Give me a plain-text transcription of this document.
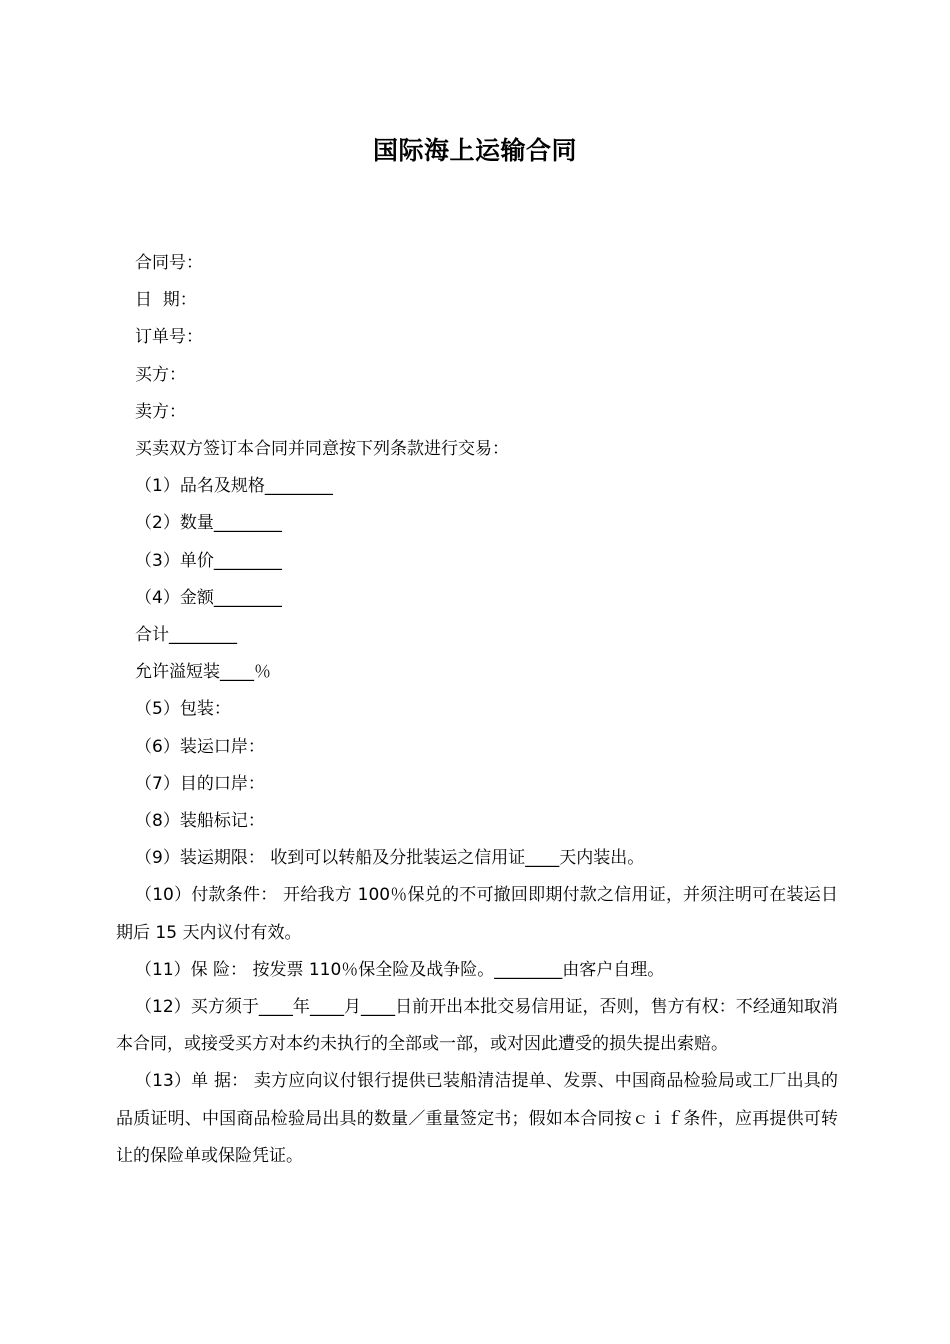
国际海上运输合同

合同号：

日  期：

订单号：

买方：

卖方：

买卖双方签订本合同并同意按下列条款进行交易：

（1）品名及规格________

（2）数量________

（3）单价________

（4）金额________

合计________

允许溢短装____％

（5）包装：

（6）装运口岸：

（7）目的口岸：

（8）装船标记：

（9）装运期限： 收到可以转船及分批装运之信用证____天内装出。

（10）付款条件： 开给我方 100％保兑的不可撤回即期付款之信用证，并须注明可在装运日期后 15 天内议付有效。

（11）保 险： 按发票 110％保全险及战争险。________由客户自理。

（12）买方须于____年____月____日前开出本批交易信用证，否则，售方有权：不经通知取消本合同，或接受买方对本约未执行的全部或一部，或对因此遭受的损失提出索赔。

（13）单 据： 卖方应向议付银行提供已装船清洁提单、发票、中国商品检验局或工厂出具的品质证明、中国商品检验局出具的数量／重量签定书；假如本合同按ｃｉｆ条件，应再提供可转让的保险单或保险凭证。
